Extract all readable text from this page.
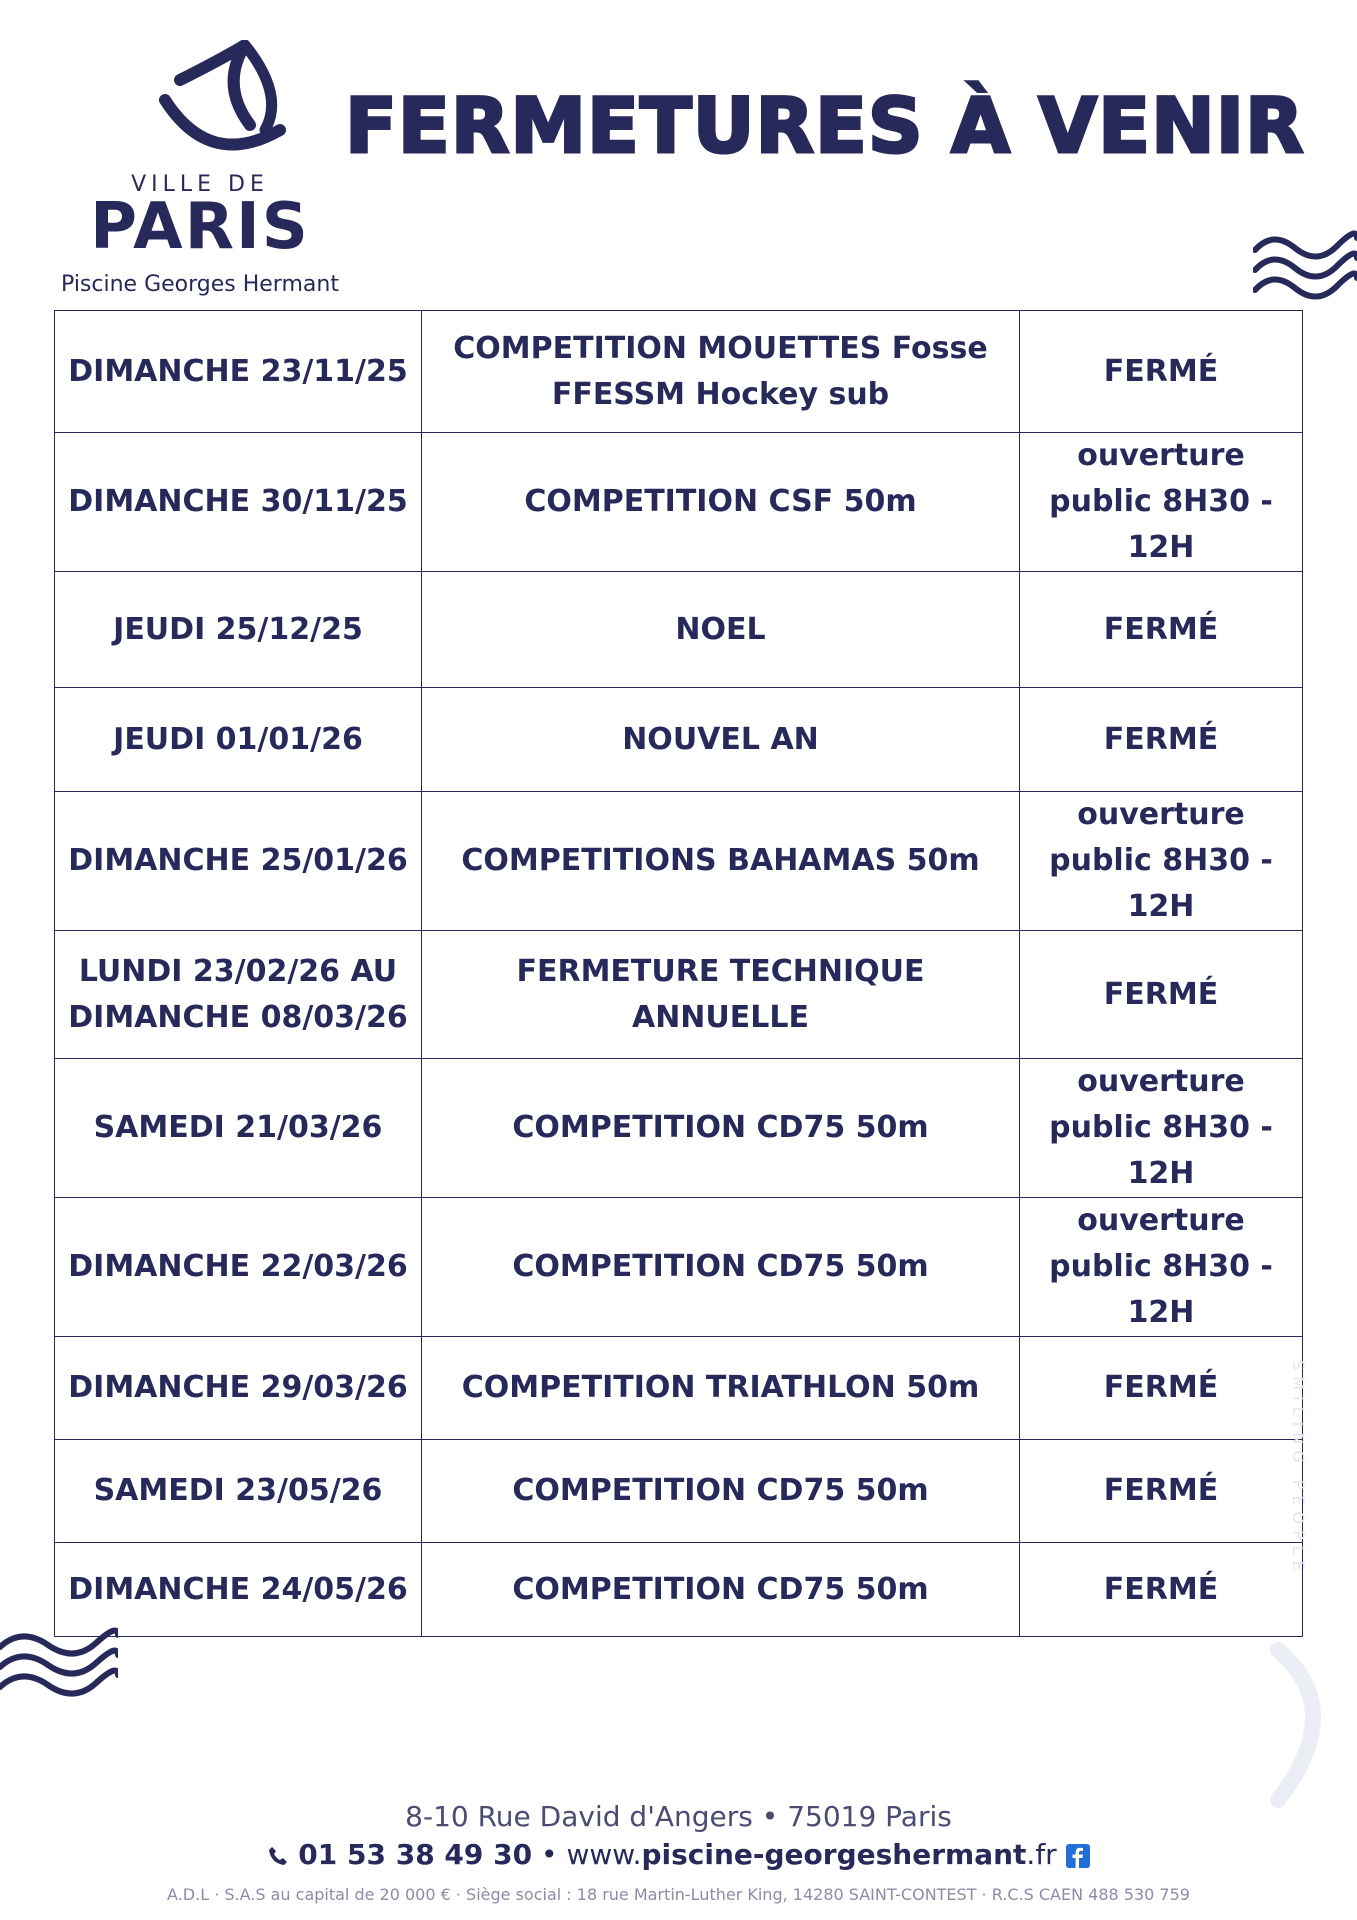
VILLE DE
PARIS
Piscine Georges Hermant
FERMETURES À VENIR
DIMANCHE 23/11/25	COMPETITION MOUETTES Fosse FFESSM Hockey sub	FERMÉ
DIMANCHE 30/11/25	COMPETITION CSF 50m	ouverture public 8H30 - 12H
JEUDI 25/12/25	NOEL	FERMÉ
JEUDI 01/01/26	NOUVEL AN	FERMÉ
DIMANCHE 25/01/26	COMPETITIONS BAHAMAS 50m	ouverture public 8H30 - 12H
LUNDI 23/02/26 AU DIMANCHE 08/03/26	FERMETURE TECHNIQUE ANNUELLE	FERMÉ
SAMEDI 21/03/26	COMPETITION CD75 50m	ouverture public 8H30 - 12H
DIMANCHE 22/03/26	COMPETITION CD75 50m	ouverture public 8H30 - 12H
DIMANCHE 29/03/26	COMPETITION TRIATHLON 50m	FERMÉ
SAMEDI 23/05/26	COMPETITION CD75 50m	FERMÉ
DIMANCHE 24/05/26	COMPETITION CD75 50m	FERMÉ
SMILING PEOPLE
8-10 Rue David d'Angers • 75019 Paris
01 53 38 49 30 • www.piscine-georgeshermant.fr
A.D.L · S.A.S au capital de 20 000 € · Siège social : 18 rue Martin-Luther King, 14280 SAINT-CONTEST · R.C.S CAEN 488 530 759
